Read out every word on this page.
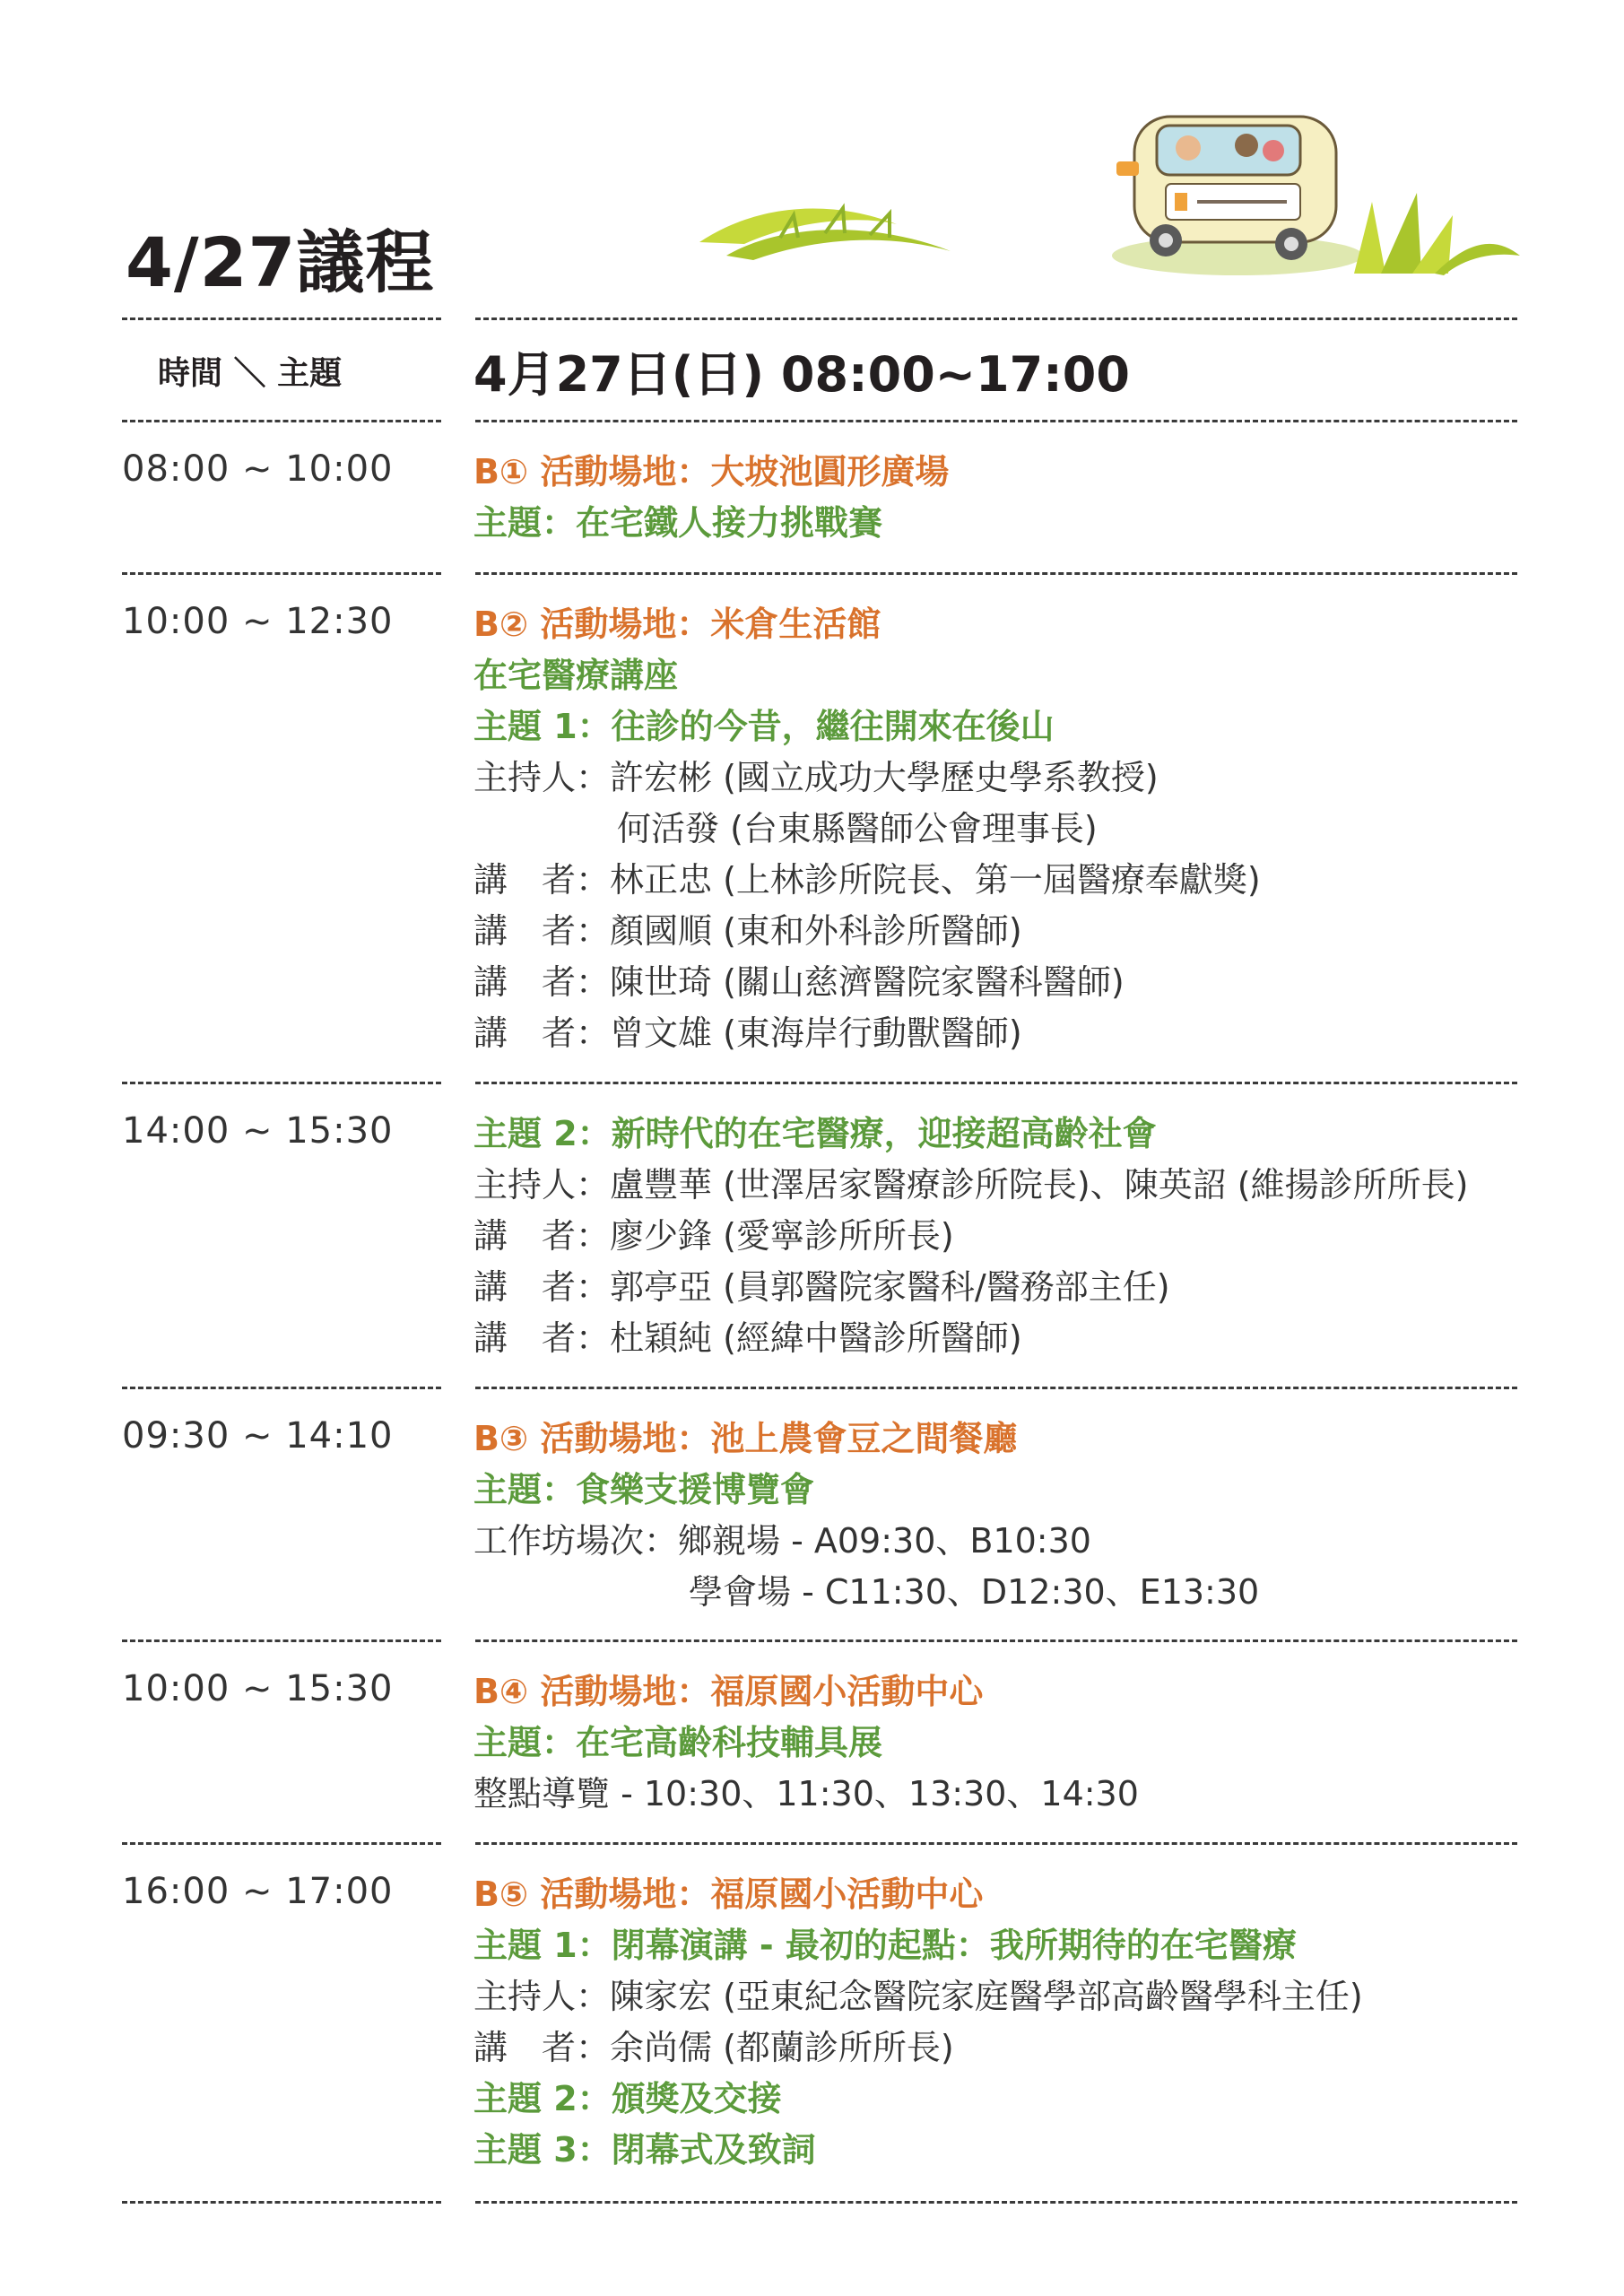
4/27議程
時間 ＼ 主題	4月27日(日) 08:00~17:00
08:00 ~ 10:00 B① 活動場地：大坡池圓形廣場
主題：在宅鐵人接力挑戰賽
10:00 ~ 12:30 B② 活動場地：米倉生活館
在宅醫療講座
主題 1：往診的今昔，繼往開來在後山
主持人：許宏彬 (國立成功大學歷史學系教授)
何活發 (台東縣醫師公會理事長)
講　者：林正忠 (上林診所院長、第一屆醫療奉獻獎)
講　者：顏國順 (東和外科診所醫師)
講　者：陳世琦 (關山慈濟醫院家醫科醫師)
講　者：曾文雄 (東海岸行動獸醫師)
14:00 ~ 15:30 主題 2：新時代的在宅醫療，迎接超高齡社會
主持人：盧豐華 (世澤居家醫療診所院長)、陳英詔 (維揚診所所長)
講　者：廖少鋒 (愛寧診所所長)
講　者：郭亭亞 (員郭醫院家醫科/醫務部主任)
講　者：杜穎純 (經緯中醫診所醫師)
09:30 ~ 14:10 B③ 活動場地：池上農會豆之間餐廳
主題：食樂支援博覽會
工作坊場次：鄉親場 - A09:30、B10:30
學會場 - C11:30、D12:30、E13:30
10:00 ~ 15:30 B④ 活動場地：福原國小活動中心
主題：在宅高齡科技輔具展
整點導覽 - 10:30、11:30、13:30、14:30
16:00 ~ 17:00 B⑤ 活動場地：福原國小活動中心
主題 1：閉幕演講 - 最初的起點：我所期待的在宅醫療
主持人：陳家宏 (亞東紀念醫院家庭醫學部高齡醫學科主任)
講　者：余尚儒 (都蘭診所所長)
主題 2：頒獎及交接
主題 3：閉幕式及致詞
